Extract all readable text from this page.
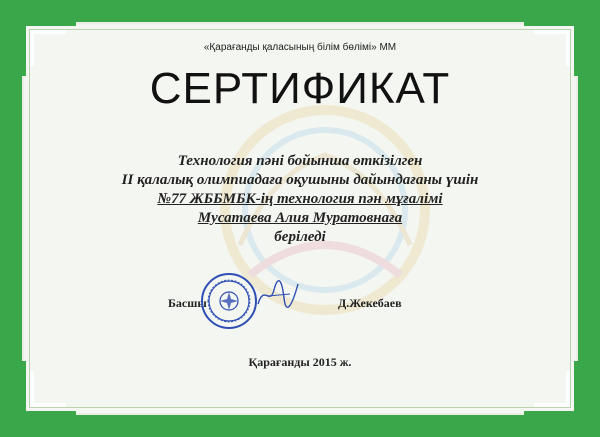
«Қарағанды қаласының білім бөлімі» ММ
СЕРТИФИКАТ
Технология пәні бойынша өткізілген
II қалалық олимпиадаға оқушыны дайындағаны үшін
№77 ЖББМБК-ің технология пән мұғалімі
Мусатаева Алия Муратовнаға
беріледі
Басшы	Д.Жекебаев
Қарағанды 2015 ж.
